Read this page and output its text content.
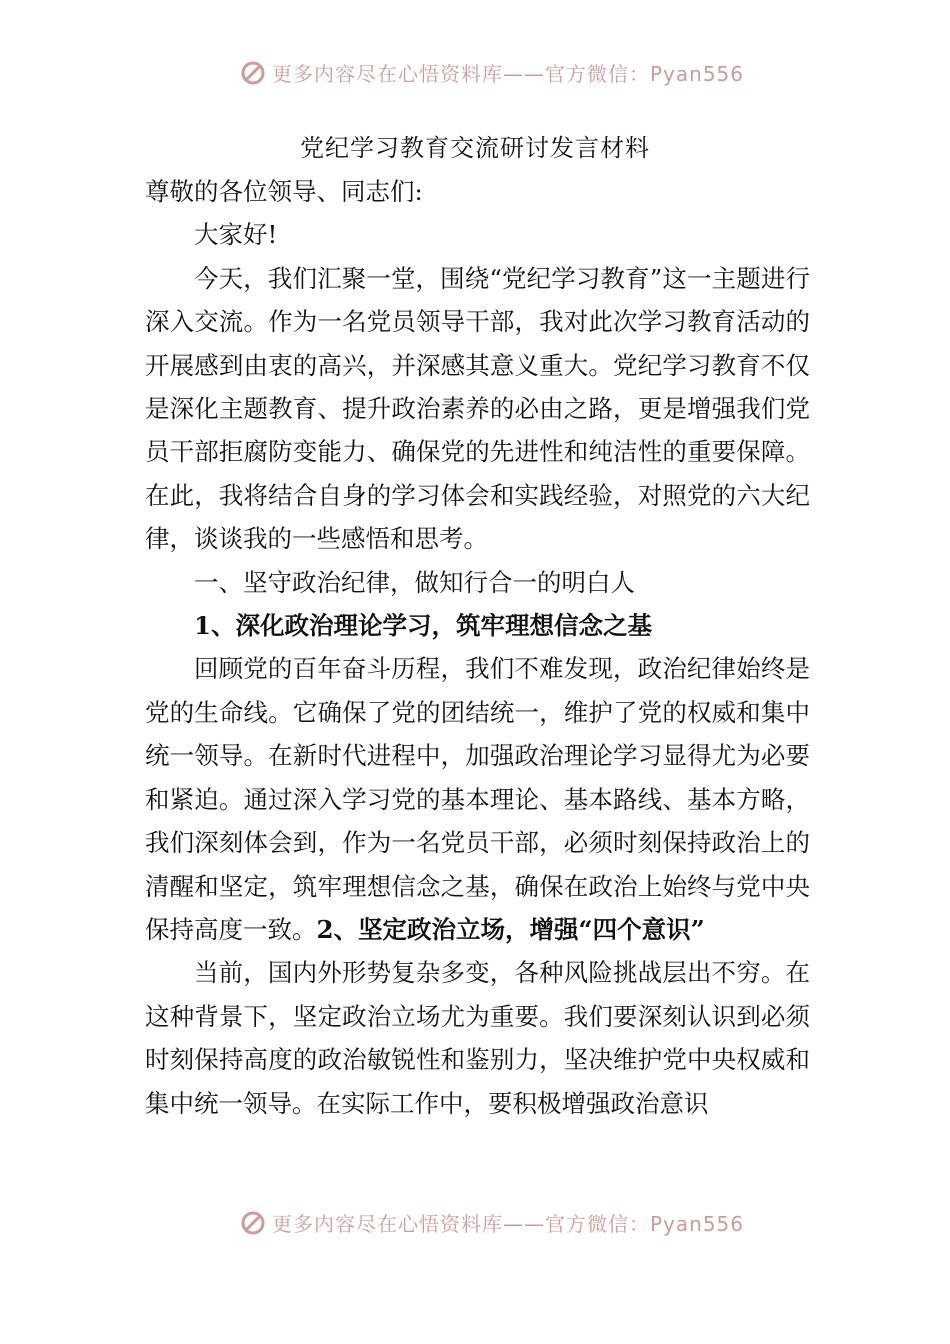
更多内容尽在心悟资料库——官方微信：Pyan556
党纪学习教育交流研讨发言材料

尊敬的各位领导、同志们:

大家好!

今天，我们汇聚一堂，围绕“党纪学习教育”这一主题进行深入交流。作为一名党员领导干部，我对此次学习教育活动的开展感到由衷的高兴，并深感其意义重大。党纪学习教育不仅是深化主题教育、提升政治素养的必由之路，更是增强我们党员干部拒腐防变能力、确保党的先进性和纯洁性的重要保障。在此，我将结合自身的学习体会和实践经验，对照党的六大纪律，谈谈我的一些感悟和思考。

一、坚守政治纪律，做知行合一的明白人

1、深化政治理论学习，筑牢理想信念之基

回顾党的百年奋斗历程，我们不难发现，政治纪律始终是党的生命线。它确保了党的团结统一，维护了党的权威和集中统一领导。在新时代进程中，加强政治理论学习显得尤为必要和紧迫。通过深入学习党的基本理论、基本路线、基本方略，我们深刻体会到，作为一名党员干部，必须时刻保持政治上的清醒和坚定，筑牢理想信念之基，确保在政治上始终与党中央保持高度一致。2、坚定政治立场，增强“四个意识”

当前，国内外形势复杂多变，各种风险挑战层出不穷。在这种背景下，坚定政治立场尤为重要。我们要深刻认识到必须时刻保持高度的政治敏锐性和鉴别力，坚决维护党中央权威和集中统一领导。在实际工作中，要积极增强政治意识

更多内容尽在心悟资料库——官方微信：Pyan556
